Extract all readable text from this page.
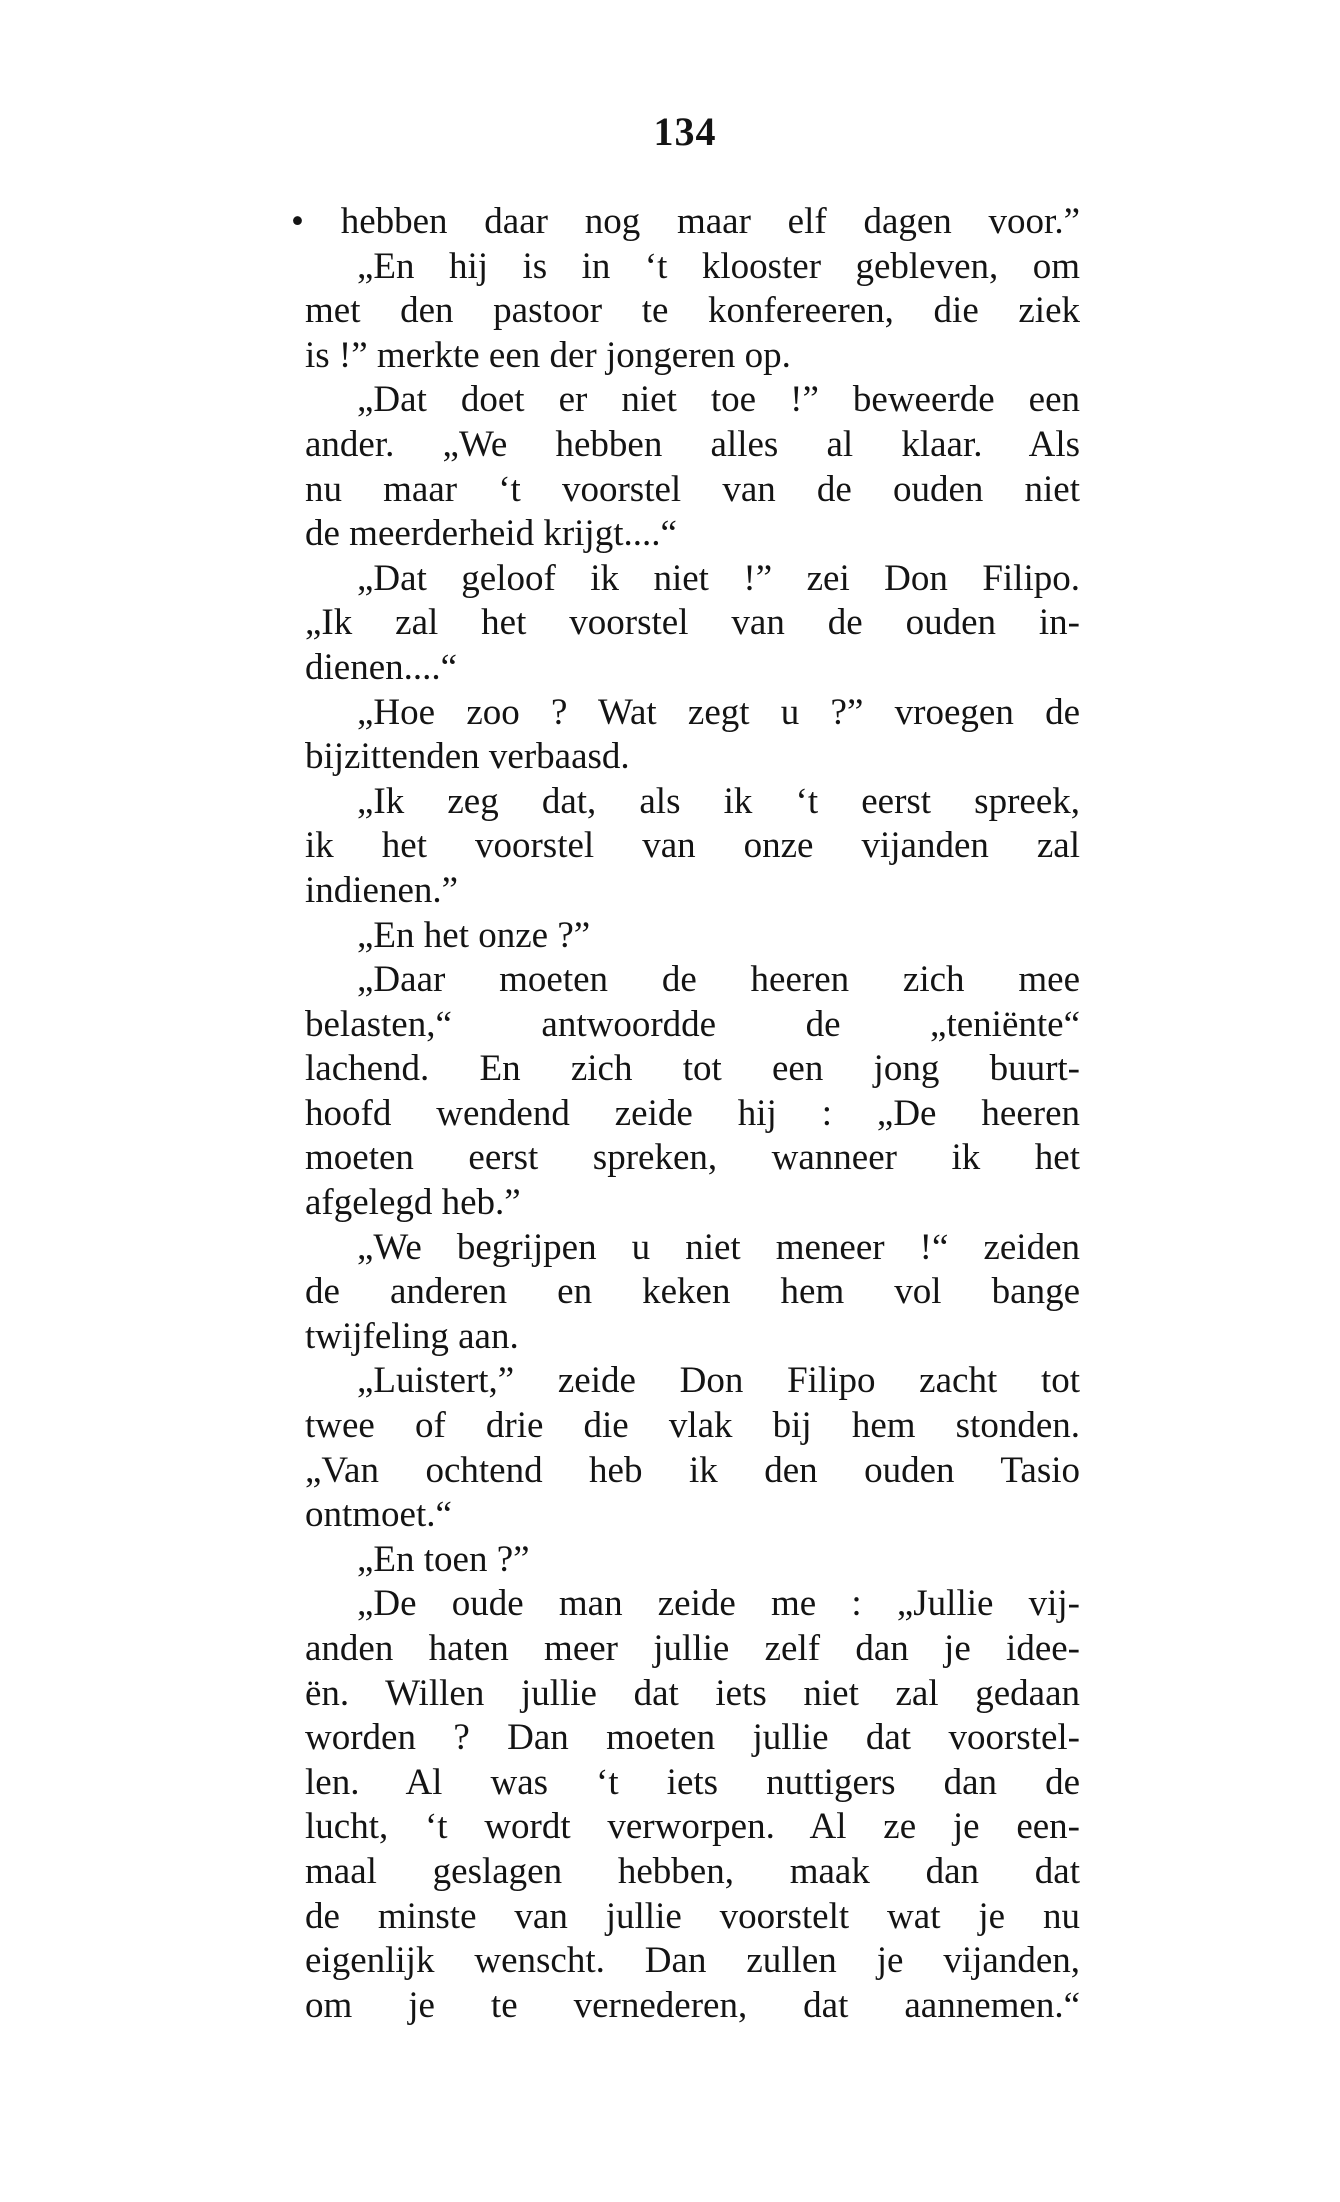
134
• hebben daar nog maar elf dagen voor.”
„En hij is in ‘t klooster gebleven, om
met den pastoor te konfereeren, die ziek
is !” merkte een der jongeren op.
„Dat doet er niet toe !” beweerde een
ander. „We hebben alles al klaar. Als
nu maar ‘t voorstel van de ouden niet
de meerderheid krijgt....“
„Dat geloof ik niet !” zei Don Filipo.
„Ik zal het voorstel van de ouden in-
dienen....“
„Hoe zoo ? Wat zegt u ?” vroegen de
bijzittenden verbaasd.
„Ik zeg dat, als ik ‘t eerst spreek,
ik het voorstel van onze vijanden zal
indienen.”
„En het onze ?”
„Daar moeten de heeren zich mee
belasten,“ antwoordde de „teniënte“
lachend. En zich tot een jong buurt-
hoofd wendend zeide hij : „De heeren
moeten eerst spreken, wanneer ik het
afgelegd heb.”
„We begrijpen u niet meneer !“ zeiden
de anderen en keken hem vol bange
twijfeling aan.
„Luistert,” zeide Don Filipo zacht tot
twee of drie die vlak bij hem stonden.
„Van ochtend heb ik den ouden Tasio
ontmoet.“
„En toen ?”
„De oude man zeide me : „Jullie vij-
anden haten meer jullie zelf dan je idee-
ën. Willen jullie dat iets niet zal gedaan
worden ? Dan moeten jullie dat voorstel-
len. Al was ‘t iets nuttigers dan de
lucht, ‘t wordt verworpen. Al ze je een-
maal geslagen hebben, maak dan dat
de minste van jullie voorstelt wat je nu
eigenlijk wenscht. Dan zullen je vijanden,
om je te vernederen, dat aannemen.“
